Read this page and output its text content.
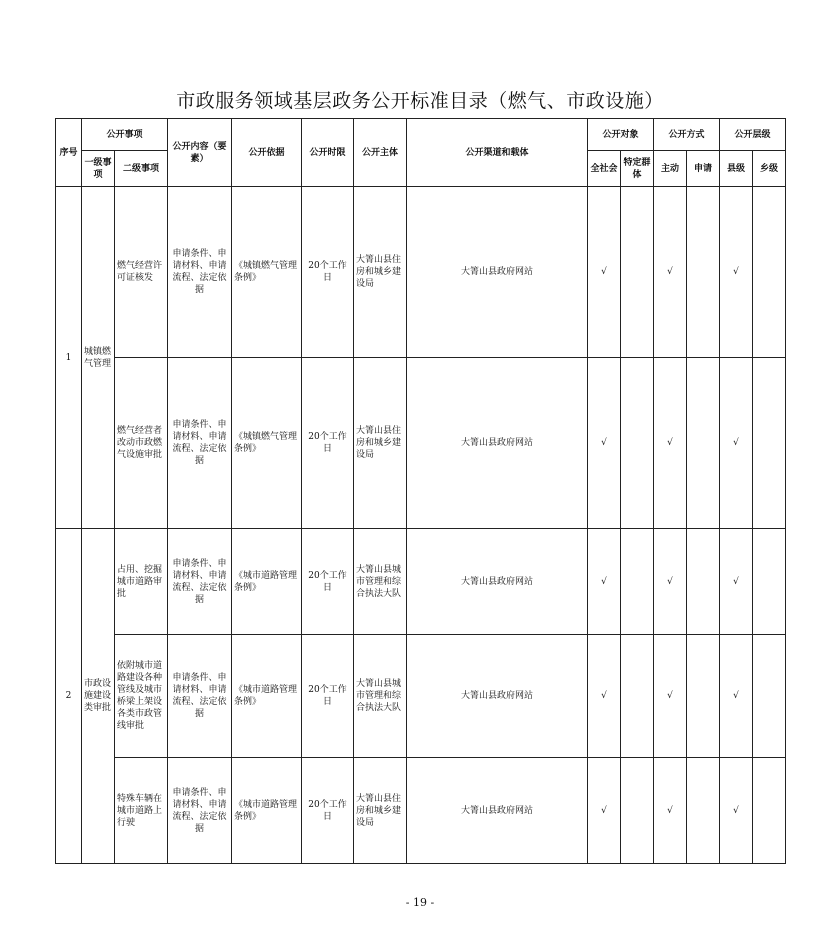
市政服务领域基层政务公开标准目录（燃气、市政设施）
序号	公开事项		公开内容（要素）	公开依据	公开时限	公开主体	公开渠道和载体	公开对象		公开方式		公开层级	
	一级事项	二级事项						全社会	特定群体	主动	申请	县级	乡级
1	城镇燃气管理	燃气经营许可证核发	申请条件、申请材料、申请流程、法定依据	《城镇燃气管理条例》	20个工作日	大箐山县住房和城乡建设局	大箐山县政府网站	√		√		√	
		燃气经营者改动市政燃气设施审批	申请条件、申请材料、申请流程、法定依据	《城镇燃气管理条例》	20个工作日	大箐山县住房和城乡建设局	大箐山县政府网站	√		√		√	
2	市政设施建设类审批	占用、挖掘城市道路审批	申请条件、申请材料、申请流程、法定依据	《城市道路管理条例》	20个工作日	大箐山县城市管理和综合执法大队	大箐山县政府网站	√		√		√	
		依附城市道路建设各种管线及城市桥梁上架设各类市政管线审批	申请条件、申请材料、申请流程、法定依据	《城市道路管理条例》	20个工作日	大箐山县城市管理和综合执法大队	大箐山县政府网站	√		√		√	
		特殊车辆在城市道路上行驶	申请条件、申请材料、申请流程、法定依据	《城市道路管理条例》	20个工作日	大箐山县住房和城乡建设局	大箐山县政府网站	√		√		√	
- 19 -
